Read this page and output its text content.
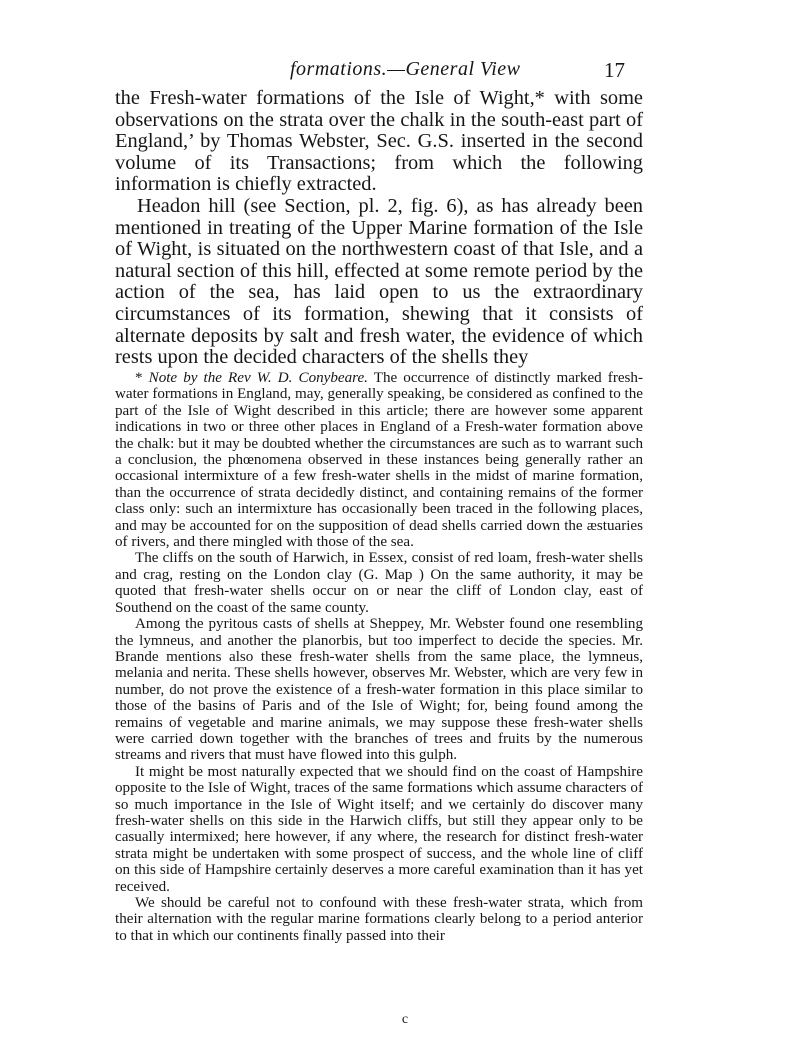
formations.—General View	17

the Fresh-water formations of the Isle of Wight,* with some observations on the strata over the chalk in the south-east part of England,’ by Thomas Webster, Sec. G.S. inserted in the second volume of its Transactions; from which the following information is chiefly extracted.

Headon hill (see Section, pl. 2, fig. 6), as has already been mentioned in treating of the Upper Marine formation of the Isle of Wight, is situated on the northwestern coast of that Isle, and a natural section of this hill, effected at some remote period by the action of the sea, has laid open to us the extraordinary circumstances of its formation, shewing that it consists of alternate deposits by salt and fresh water, the evidence of which rests upon the decided characters of the shells they

* Note by the Rev W. D. Conybeare. The occurrence of distinctly marked fresh-water formations in England, may, generally speaking, be considered as confined to the part of the Isle of Wight described in this article; there are however some apparent indications in two or three other places in England of a Fresh-water formation above the chalk: but it may be doubted whether the circumstances are such as to warrant such a conclusion, the phœnomena observed in these instances being generally rather an occasional intermixture of a few fresh-water shells in the midst of marine formation, than the occurrence of strata decidedly distinct, and containing remains of the former class only: such an intermixture has occasionally been traced in the following places, and may be accounted for on the supposition of dead shells carried down the æstuaries of rivers, and there mingled with those of the sea.

The cliffs on the south of Harwich, in Essex, consist of red loam, fresh-water shells and crag, resting on the London clay (G. Map ) On the same authority, it may be quoted that fresh-water shells occur on or near the cliff of London clay, east of Southend on the coast of the same county.

Among the pyritous casts of shells at Sheppey, Mr. Webster found one resembling the lymneus, and another the planorbis, but too imperfect to decide the species. Mr. Brande mentions also these fresh-water shells from the same place, the lymneus, melania and nerita. These shells however, observes Mr. Webster, which are very few in number, do not prove the existence of a fresh-water formation in this place similar to those of the basins of Paris and of the Isle of Wight; for, being found among the remains of vegetable and marine animals, we may suppose these fresh-water shells were carried down together with the branches of trees and fruits by the numerous streams and rivers that must have flowed into this gulph.

It might be most naturally expected that we should find on the coast of Hampshire opposite to the Isle of Wight, traces of the same formations which assume characters of so much importance in the Isle of Wight itself; and we certainly do discover many fresh-water shells on this side in the Harwich cliffs, but still they appear only to be casually intermixed; here however, if any where, the research for distinct fresh-water strata might be undertaken with some prospect of success, and the whole line of cliff on this side of Hampshire certainly deserves a more careful examination than it has yet received.

We should be careful not to confound with these fresh-water strata, which from their alternation with the regular marine formations clearly belong to a period anterior to that in which our continents finally passed into their

c
